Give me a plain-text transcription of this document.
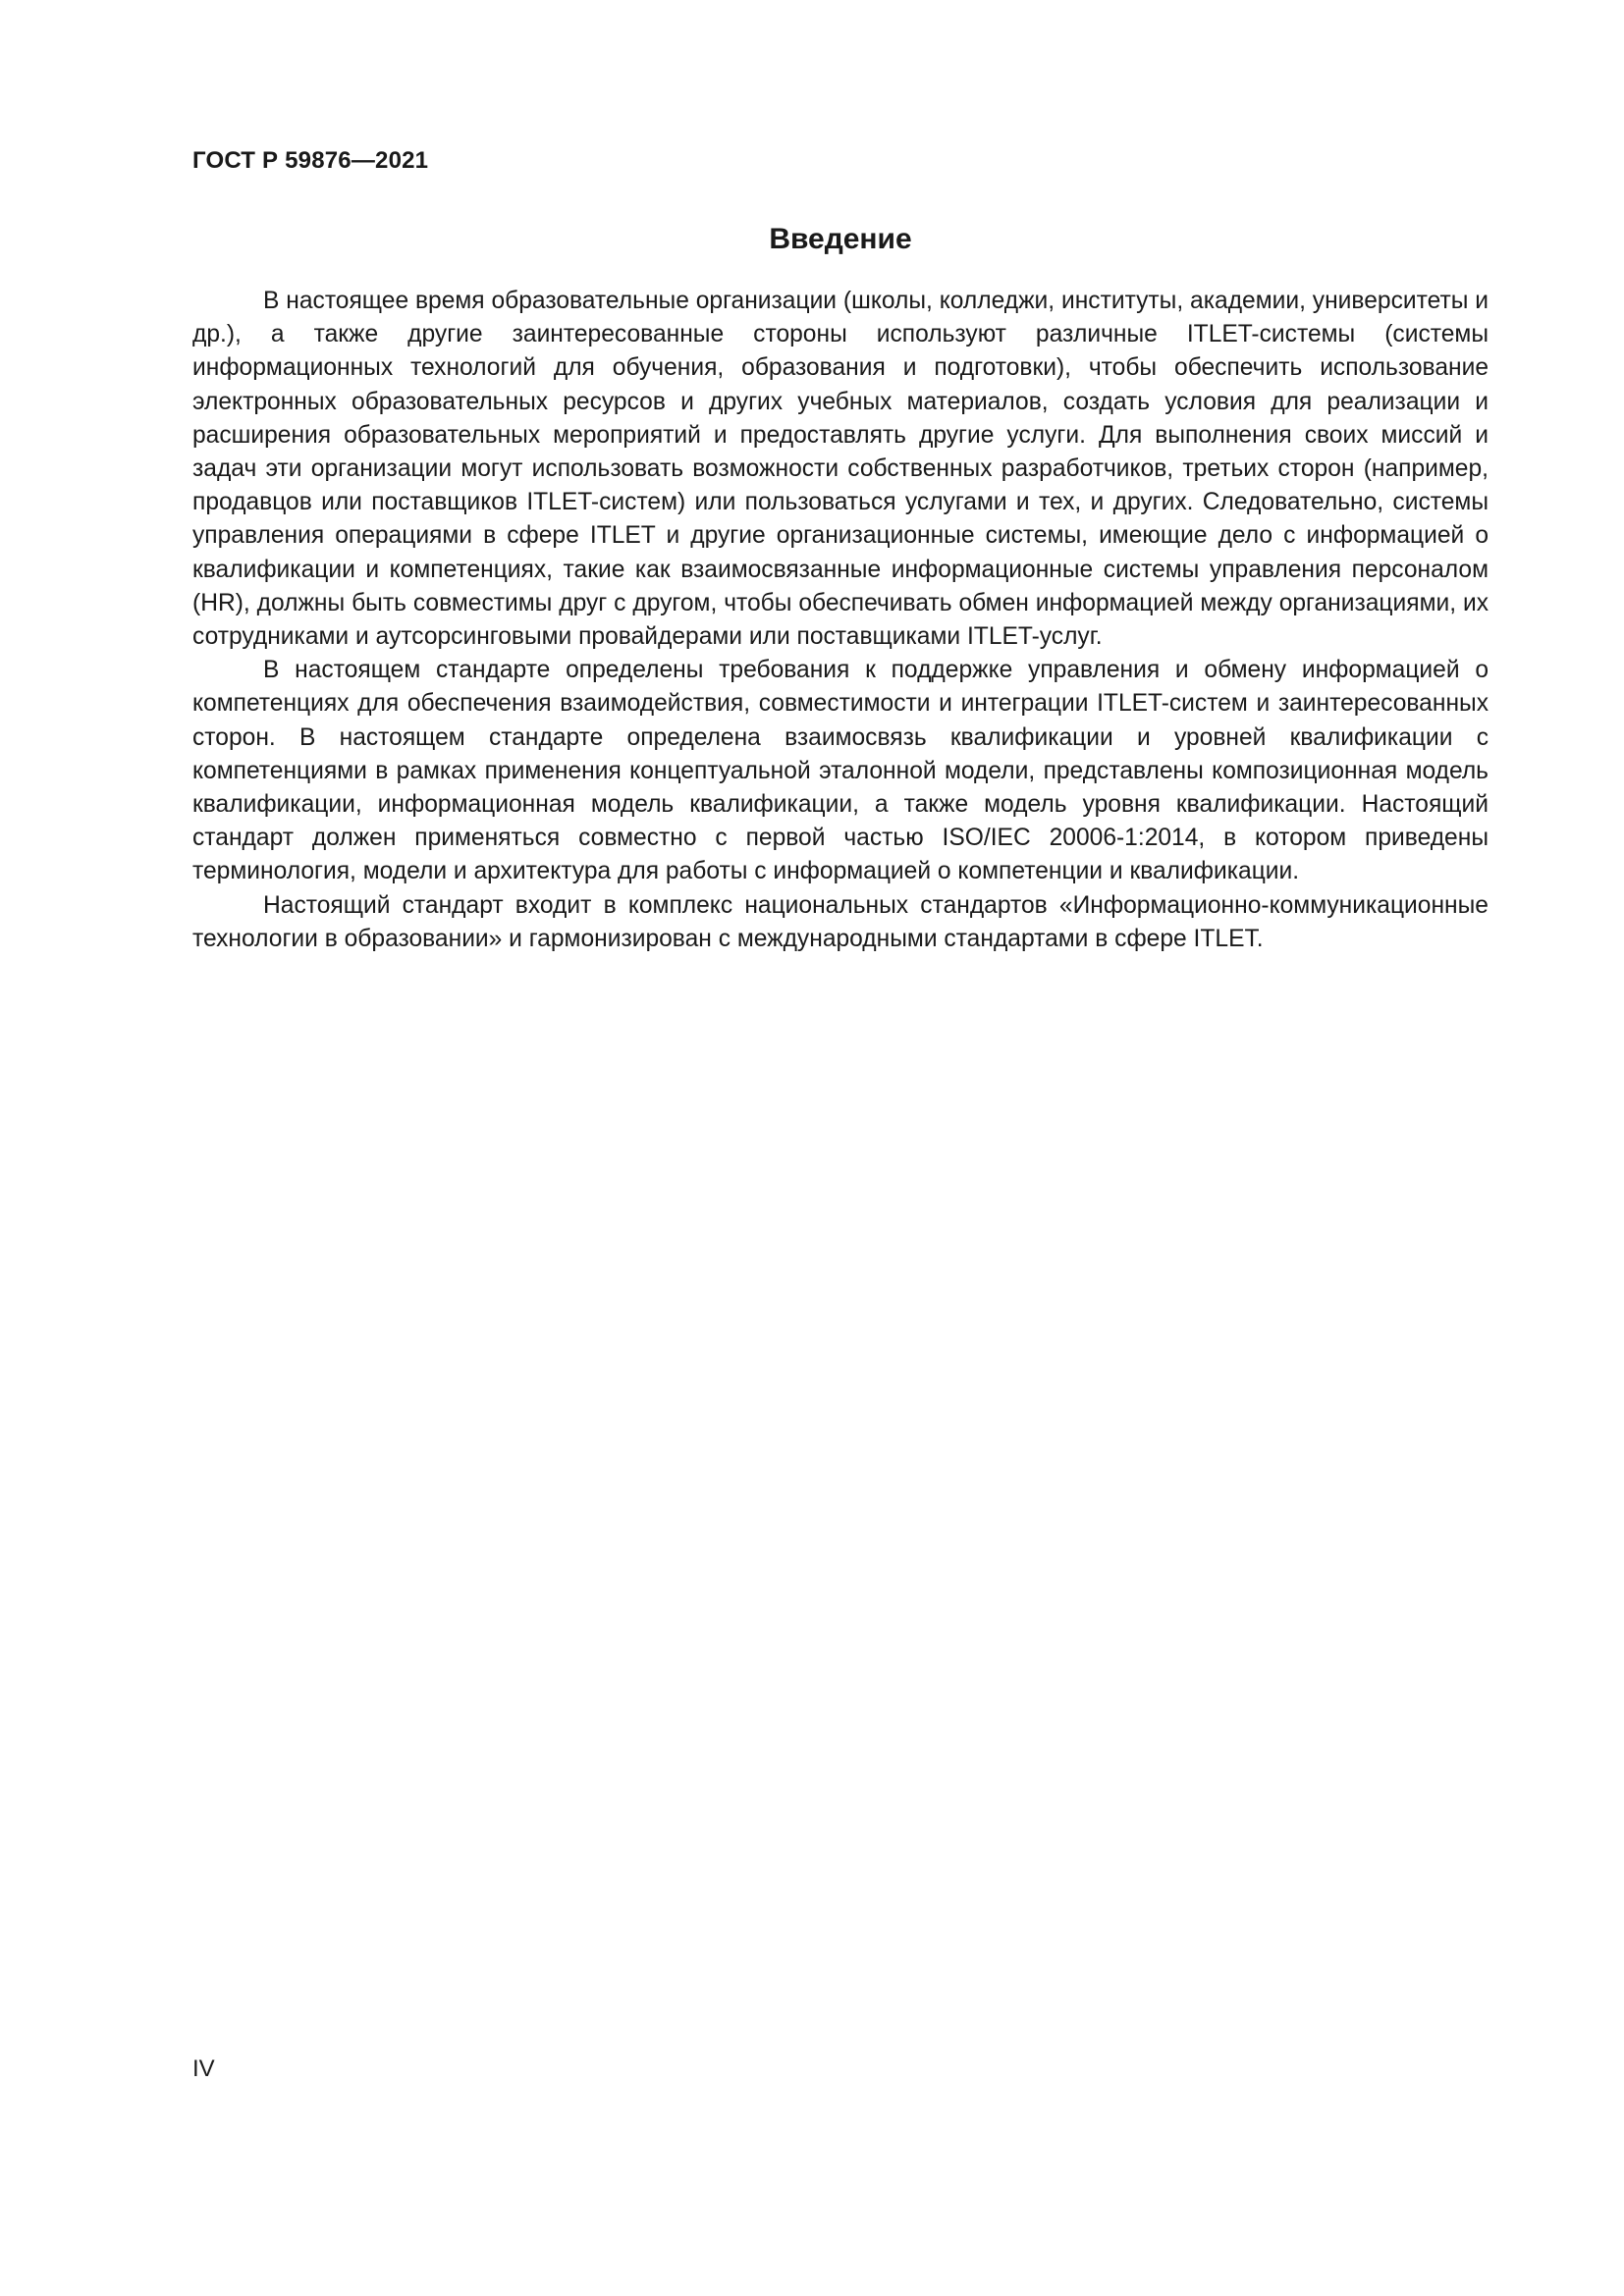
ГОСТ Р 59876—2021
Введение

В настоящее время образовательные организации (школы, колледжи, институты, академии, университеты и др.), а также другие заинтересованные стороны используют различные ITLET-системы (системы информационных технологий для обучения, образования и подготовки), чтобы обеспечить использование электронных образовательных ресурсов и других учебных материалов, создать условия для реализации и расширения образовательных мероприятий и предоставлять другие услуги. Для выполнения своих миссий и задач эти организации могут использовать возможности собственных разработчиков, третьих сторон (например, продавцов или поставщиков ITLET-систем) или пользоваться услугами и тех, и других. Следовательно, системы управления операциями в сфере ITLET и другие организационные системы, имеющие дело с информацией о квалификации и компетенциях, такие как взаимосвязанные информационные системы управления персоналом (HR), должны быть совместимы друг с другом, чтобы обеспечивать обмен информацией между организациями, их сотрудниками и аутсорсинговыми провайдерами или поставщиками ITLET-услуг.

В настоящем стандарте определены требования к поддержке управления и обмену информацией о компетенциях для обеспечения взаимодействия, совместимости и интеграции ITLET-систем и заинтересованных сторон. В настоящем стандарте определена взаимосвязь квалификации и уровней квалификации с компетенциями в рамках применения концептуальной эталонной модели, представлены композиционная модель квалификации, информационная модель квалификации, а также модель уровня квалификации. Настоящий стандарт должен применяться совместно с первой частью ISO/IEC 20006-1:2014, в котором приведены терминология, модели и архитектура для работы с информацией о компетенции и квалификации.

Настоящий стандарт входит в комплекс национальных стандартов «Информационно-коммуникационные технологии в образовании» и гармонизирован с международными стандартами в сфере ITLET.

IV
